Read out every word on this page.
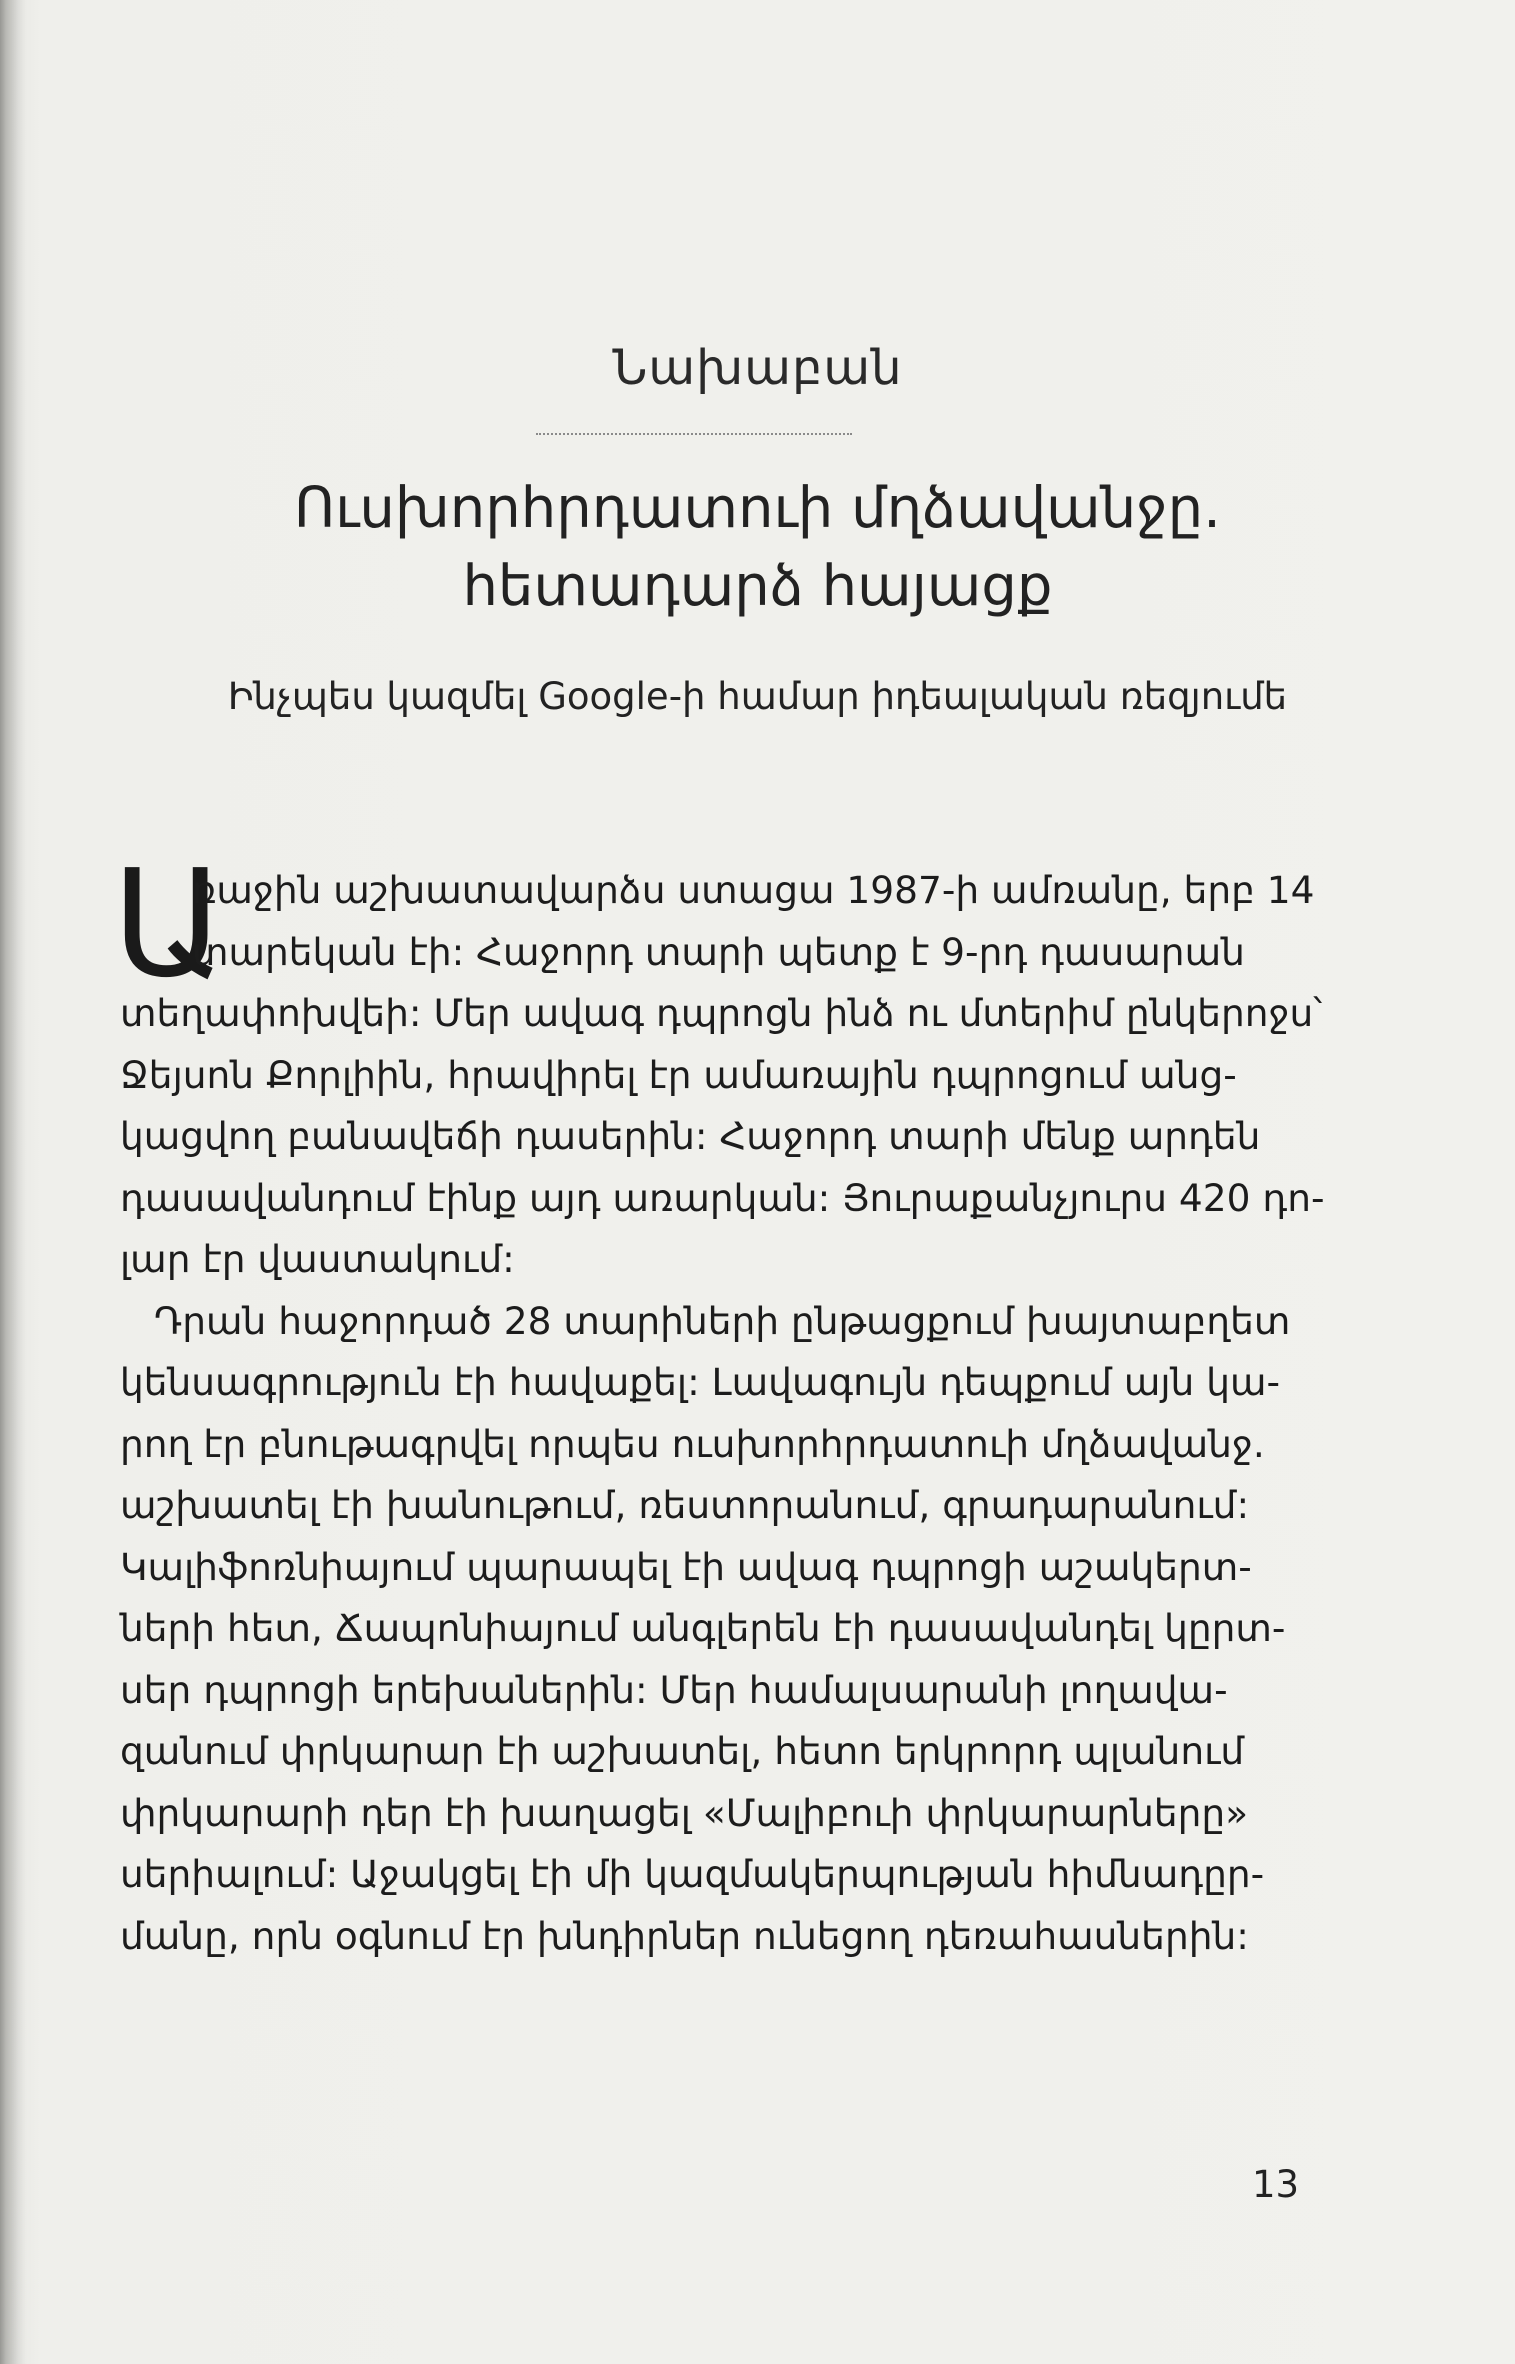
Նախաբան
Ուսխորհրդատուի մղձավանջը.
հետադարձ հայացք
Ինչպես կազմել Google-ի համար իդեալական ռեզյումե
Ա
ռաջին աշխատավարձս ստացա 1987-ի ամռանը, երբ 14
տարեկան էի: Հաջորդ տարի պետք է 9-րդ դասարան
տեղափոխվեի: Մեր ավագ դպրոցն ինձ ու մտերիմ ընկերոջս՝
Ջեյսոն Քորլիին, հրավիրել էր ամառային դպրոցում անց-
կացվող բանավեճի դասերին: Հաջորդ տարի մենք արդեն
դասավանդում էինք այդ առարկան: Յուրաքանչյուրս 420 դո-
լար էր վաստակում:
Դրան հաջորդած 28 տարիների ընթացքում խայտաբղետ
կենսագրություն էի հավաքել: Լավագույն դեպքում այն կա-
րող էր բնութագրվել որպես ուսխորհրդատուի մղձավանջ.
աշխատել էի խանութում, ռեստորանում, գրադարանում:
Կալիֆոռնիայում պարապել էի ավագ դպրոցի աշակերտ-
ների հետ, Ճապոնիայում անգլերեն էի դասավանդել կըրտ-
սեր դպրոցի երեխաներին: Մեր համալսարանի լողավա-
զանում փրկարար էի աշխատել, հետո երկրորդ պլանում
փրկարարի դեր էի խաղացել «Մալիբուի փրկարարները»
սերիալում: Աջակցել էի մի կազմակերպության հիմնադըր-
մանը, որն օգնում էր խնդիրներ ունեցող դեռահասներին:
13
